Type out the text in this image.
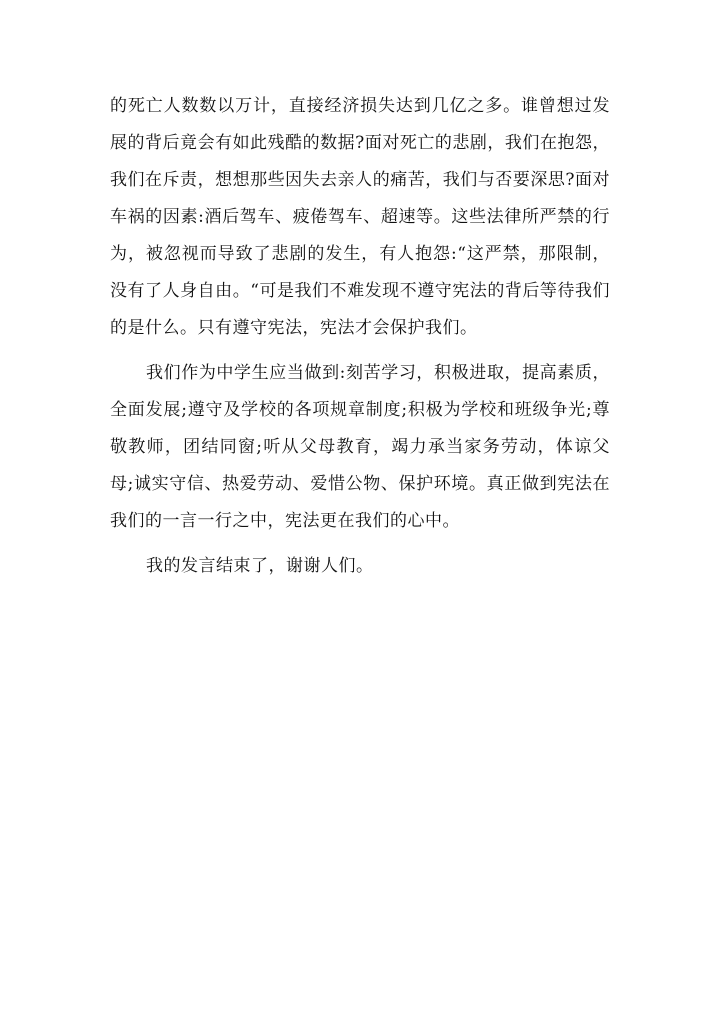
的死亡人数数以万计，直接经济损失达到几亿之多。谁曾想过发展的背后竟会有如此残酷的数据?面对死亡的悲剧，我们在抱怨，我们在斥责，想想那些因失去亲人的痛苦，我们与否要深思?面对车祸的因素:酒后驾车、疲倦驾车、超速等。这些法律所严禁的行为，被忽视而导致了悲剧的发生，有人抱怨:“这严禁，那限制，没有了人身自由。“可是我们不难发现不遵守宪法的背后等待我们的是什么。只有遵守宪法，宪法才会保护我们。

我们作为中学生应当做到:刻苦学习，积极进取，提高素质，全面发展;遵守及学校的各项规章制度;积极为学校和班级争光;尊敬教师，团结同窗;听从父母教育，竭力承当家务劳动，体谅父母;诚实守信、热爱劳动、爱惜公物、保护环境。真正做到宪法在我们的一言一行之中，宪法更在我们的心中。

我的发言结束了，谢谢人们。
